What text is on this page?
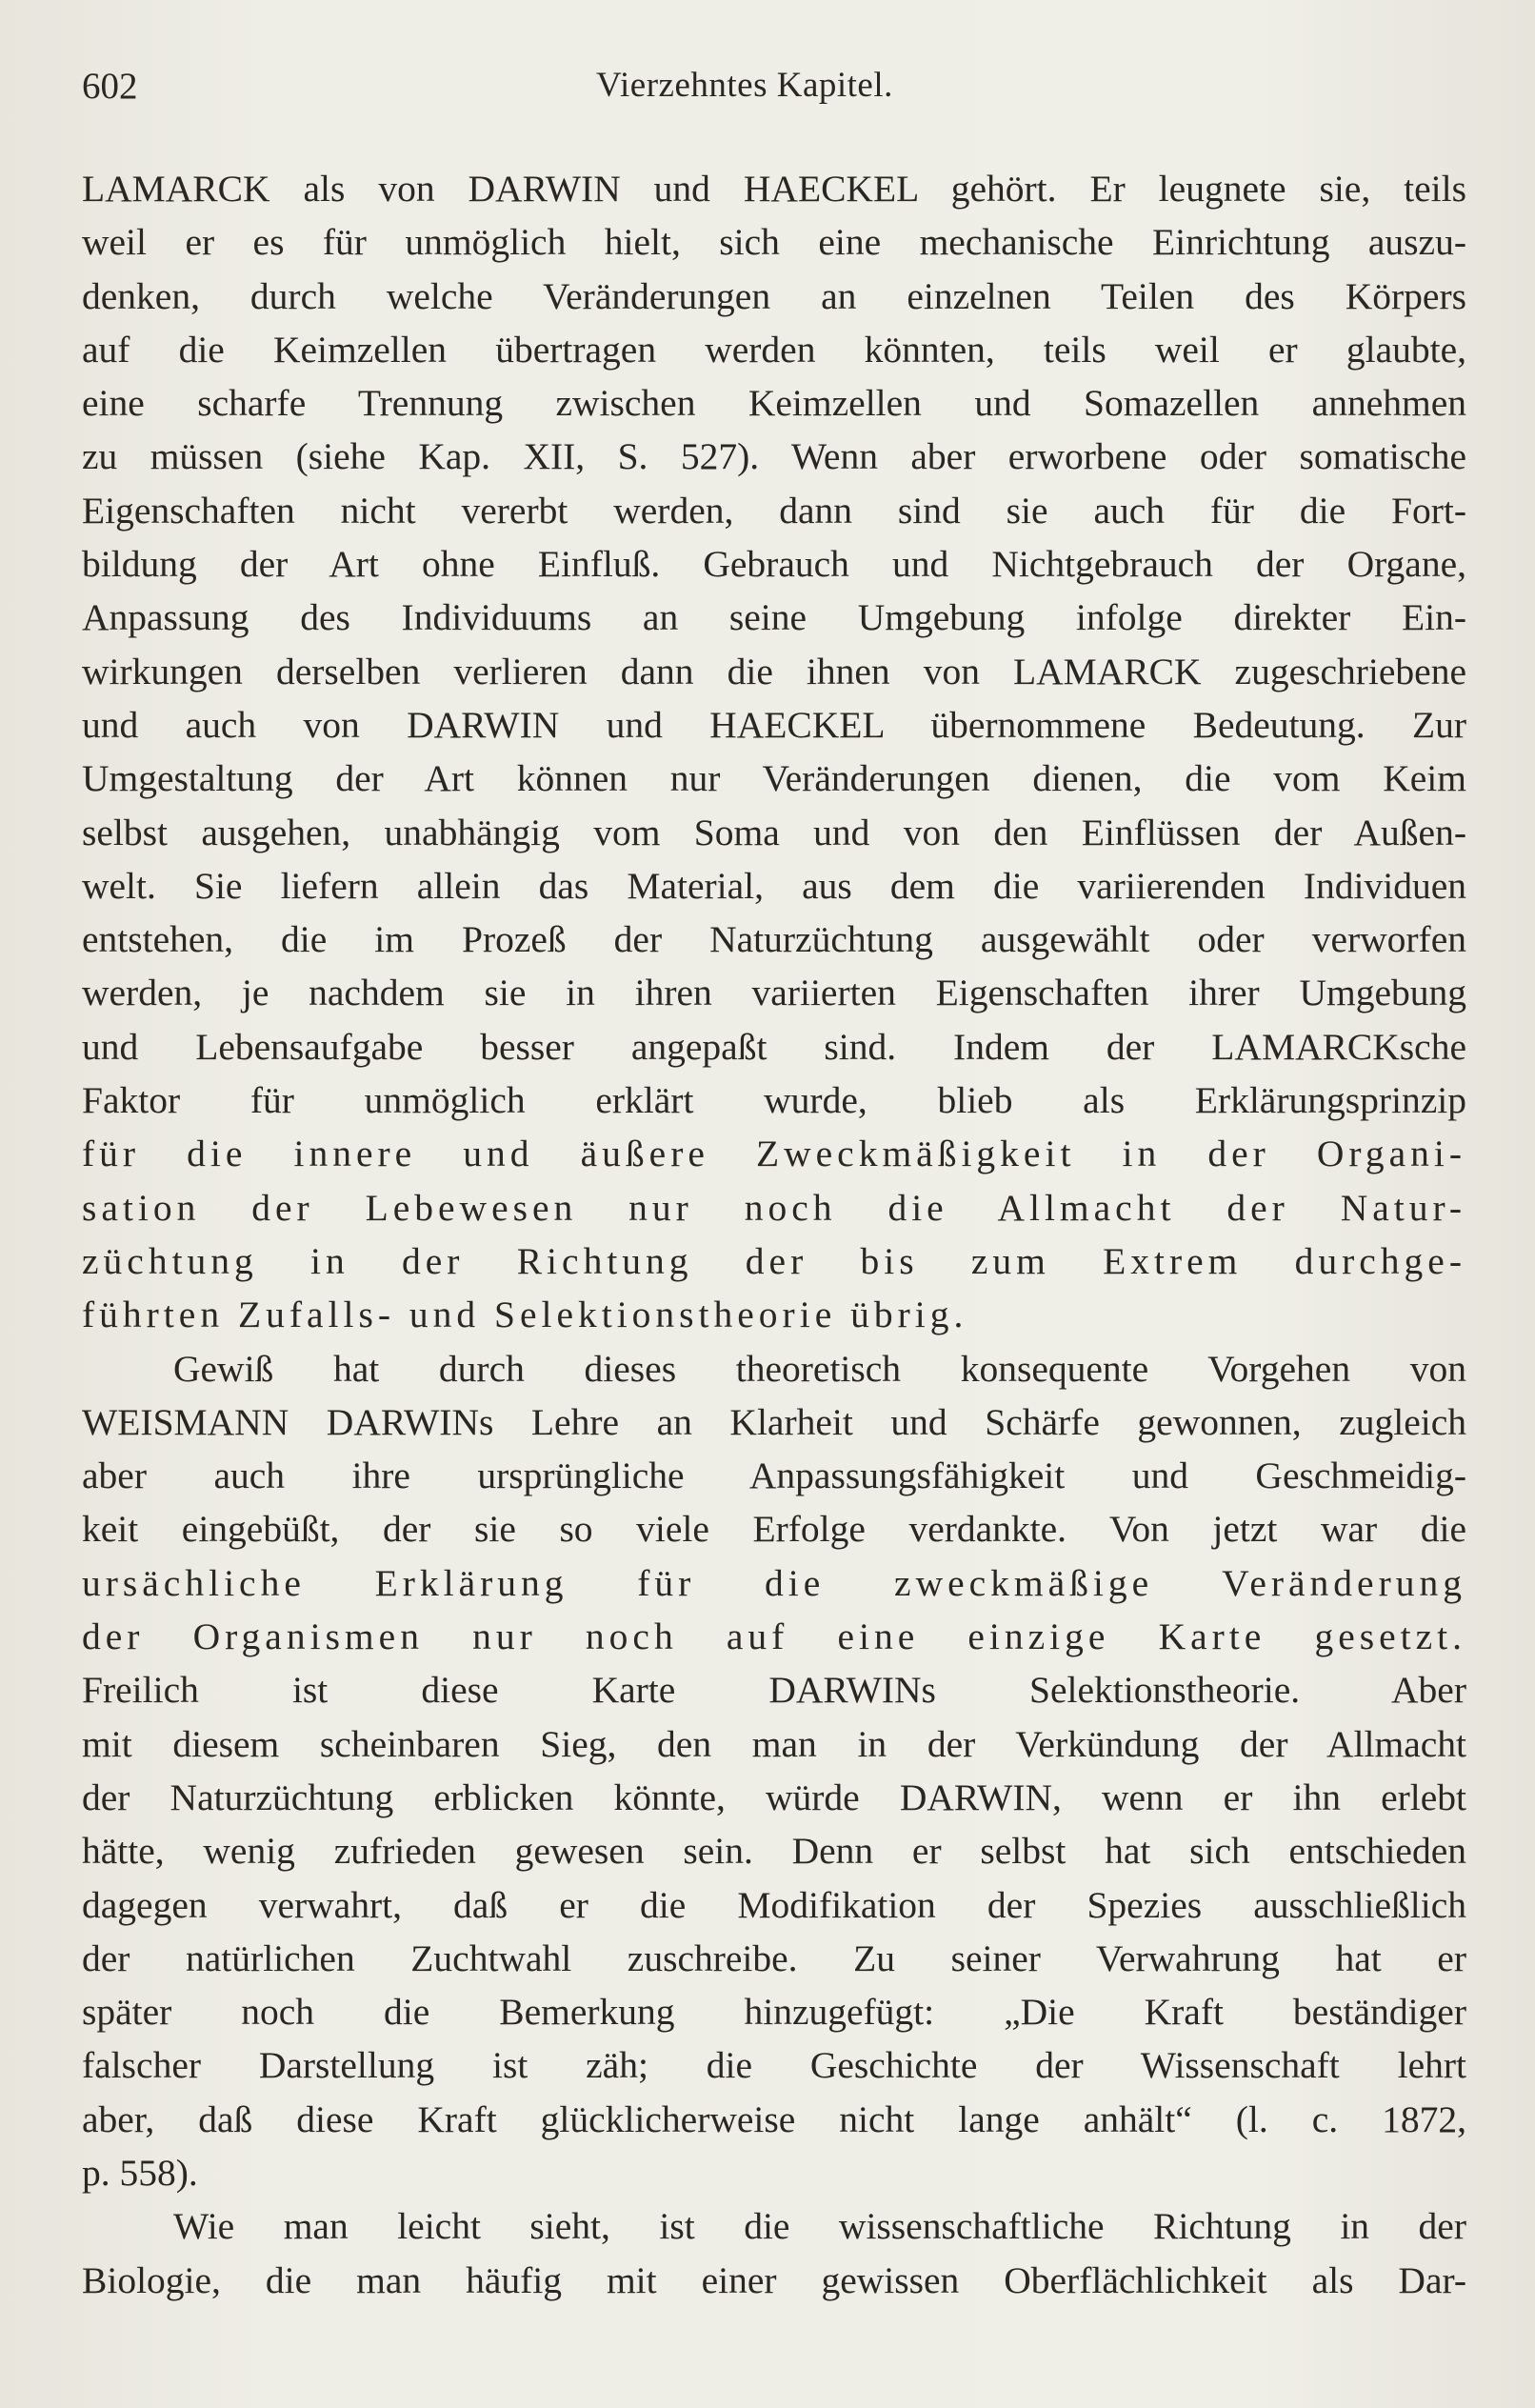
602	Vierzehntes Kapitel.
LAMARCK als von DARWIN und HAECKEL gehört. Er leugnete sie, teils
weil er es für unmöglich hielt, sich eine mechanische Einrichtung auszu-
denken, durch welche Veränderungen an einzelnen Teilen des Körpers
auf die Keimzellen übertragen werden könnten, teils weil er glaubte,
eine scharfe Trennung zwischen Keimzellen und Somazellen annehmen
zu müssen (siehe Kap. XII, S. 527). Wenn aber erworbene oder somatische
Eigenschaften nicht vererbt werden, dann sind sie auch für die Fort-
bildung der Art ohne Einfluß. Gebrauch und Nichtgebrauch der Organe,
Anpassung des Individuums an seine Umgebung infolge direkter Ein-
wirkungen derselben verlieren dann die ihnen von LAMARCK zugeschriebene
und auch von DARWIN und HAECKEL übernommene Bedeutung. Zur
Umgestaltung der Art können nur Veränderungen dienen, die vom Keim
selbst ausgehen, unabhängig vom Soma und von den Einflüssen der Außen-
welt. Sie liefern allein das Material, aus dem die variierenden Individuen
entstehen, die im Prozeß der Naturzüchtung ausgewählt oder verworfen
werden, je nachdem sie in ihren variierten Eigenschaften ihrer Umgebung
und Lebensaufgabe besser angepaßt sind. Indem der LAMARCKsche
Faktor für unmöglich erklärt wurde, blieb als Erklärungsprinzip
für die innere und äußere Zweckmäßigkeit in der Organi-
sation der Lebewesen nur noch die Allmacht der Natur-
züchtung in der Richtung der bis zum Extrem durchge-
führten Zufalls- und Selektionstheorie übrig.
Gewiß hat durch dieses theoretisch konsequente Vorgehen von
WEISMANN DARWINs Lehre an Klarheit und Schärfe gewonnen, zugleich
aber auch ihre ursprüngliche Anpassungsfähigkeit und Geschmeidig-
keit eingebüßt, der sie so viele Erfolge verdankte. Von jetzt war die
ursächliche Erklärung für die zweckmäßige Veränderung
der Organismen nur noch auf eine einzige Karte gesetzt.
Freilich ist diese Karte DARWINs Selektionstheorie. Aber
mit diesem scheinbaren Sieg, den man in der Verkündung der Allmacht
der Naturzüchtung erblicken könnte, würde DARWIN, wenn er ihn erlebt
hätte, wenig zufrieden gewesen sein. Denn er selbst hat sich entschieden
dagegen verwahrt, daß er die Modifikation der Spezies ausschließlich
der natürlichen Zuchtwahl zuschreibe. Zu seiner Verwahrung hat er
später noch die Bemerkung hinzugefügt: „Die Kraft beständiger
falscher Darstellung ist zäh; die Geschichte der Wissenschaft lehrt
aber, daß diese Kraft glücklicherweise nicht lange anhält“ (l. c. 1872,
p. 558).
Wie man leicht sieht, ist die wissenschaftliche Richtung in der
Biologie, die man häufig mit einer gewissen Oberflächlichkeit als Dar-
